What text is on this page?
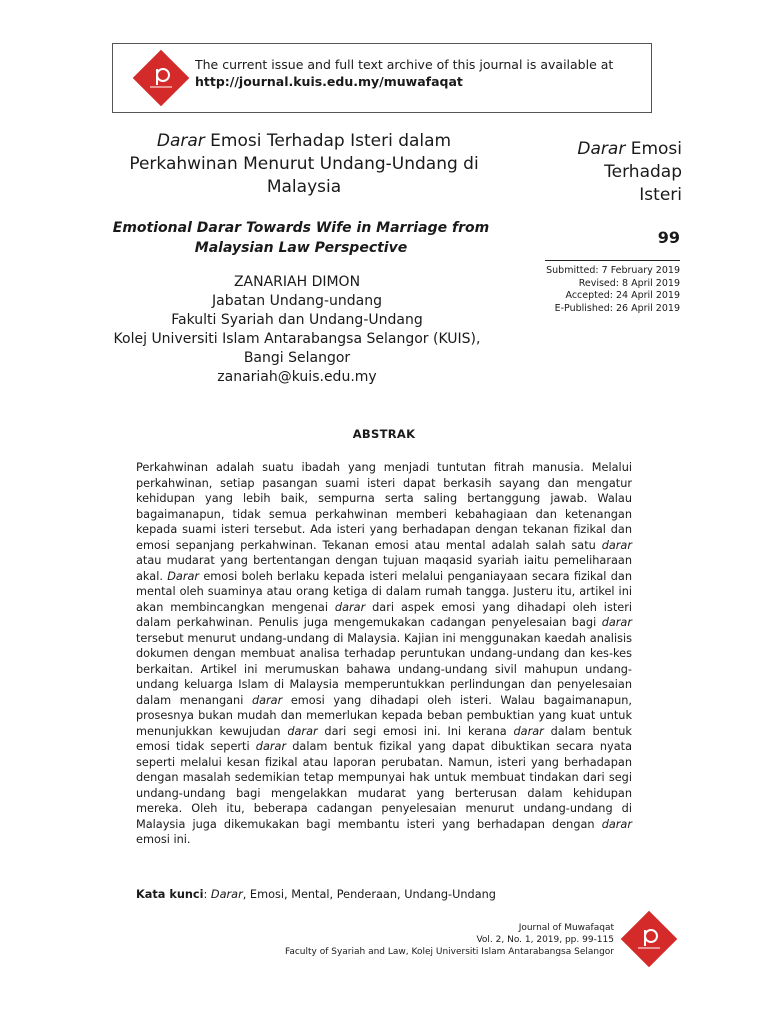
The current issue and full text archive of this journal is available at
http://journal.kuis.edu.my/muwafaqat
Darar Emosi Terhadap Isteri dalam
Perkahwinan Menurut Undang-Undang di
Malaysia
Emotional Darar Towards Wife in Marriage from
Malaysian Law Perspective
ZANARIAH DIMON
Jabatan Undang-undang
Fakulti Syariah dan Undang-Undang
Kolej Universiti Islam Antarabangsa Selangor (KUIS),
Bangi Selangor
zanariah@kuis.edu.my
Darar Emosi
Terhadap
Isteri
99
Submitted: 7 February 2019
Revised: 8 April 2019
Accepted: 24 April 2019
E-Published: 26 April 2019
ABSTRAK
Perkahwinan adalah suatu ibadah yang menjadi tuntutan fitrah manusia. Melalui perkahwinan, setiap pasangan suami isteri dapat berkasih sayang dan mengatur kehidupan yang lebih baik, sempurna serta saling bertanggung jawab. Walau bagaimanapun, tidak semua perkahwinan memberi kebahagiaan dan ketenangan kepada suami isteri tersebut. Ada isteri yang berhadapan dengan tekanan fizikal dan emosi sepanjang perkahwinan. Tekanan emosi atau mental adalah salah satu darar atau mudarat yang bertentangan dengan tujuan maqasid syariah iaitu pemeliharaan akal. Darar emosi boleh berlaku kepada isteri melalui penganiayaan secara fizikal dan mental oleh suaminya atau orang ketiga di dalam rumah tangga. Justeru itu, artikel ini akan membincangkan mengenai darar dari aspek emosi yang dihadapi oleh isteri dalam perkahwinan. Penulis juga mengemukakan cadangan penyelesaian bagi darar tersebut menurut undang-undang di Malaysia. Kajian ini menggunakan kaedah analisis dokumen dengan membuat analisa terhadap peruntukan undang-undang dan kes-kes berkaitan. Artikel ini merumuskan bahawa undang-undang sivil mahupun undang-undang keluarga Islam di Malaysia memperuntukkan perlindungan dan penyelesaian dalam menangani darar emosi yang dihadapi oleh isteri. Walau bagaimanapun, prosesnya bukan mudah dan memerlukan kepada beban pembuktian yang kuat untuk menunjukkan kewujudan darar dari segi emosi ini. Ini kerana darar dalam bentuk emosi tidak seperti darar dalam bentuk fizikal yang dapat dibuktikan secara nyata seperti melalui kesan fizikal atau laporan perubatan. Namun, isteri yang berhadapan dengan masalah sedemikian tetap mempunyai hak untuk membuat tindakan dari segi undang-undang bagi mengelakkan mudarat yang berterusan dalam kehidupan mereka. Oleh itu, beberapa cadangan penyelesaian menurut undang-undang di Malaysia juga dikemukakan bagi membantu isteri yang berhadapan dengan darar emosi ini.
Kata kunci: Darar, Emosi, Mental, Penderaan, Undang-Undang
Journal of Muwafaqat
Vol. 2, No. 1, 2019, pp. 99-115
Faculty of Syariah and Law, Kolej Universiti Islam Antarabangsa Selangor
